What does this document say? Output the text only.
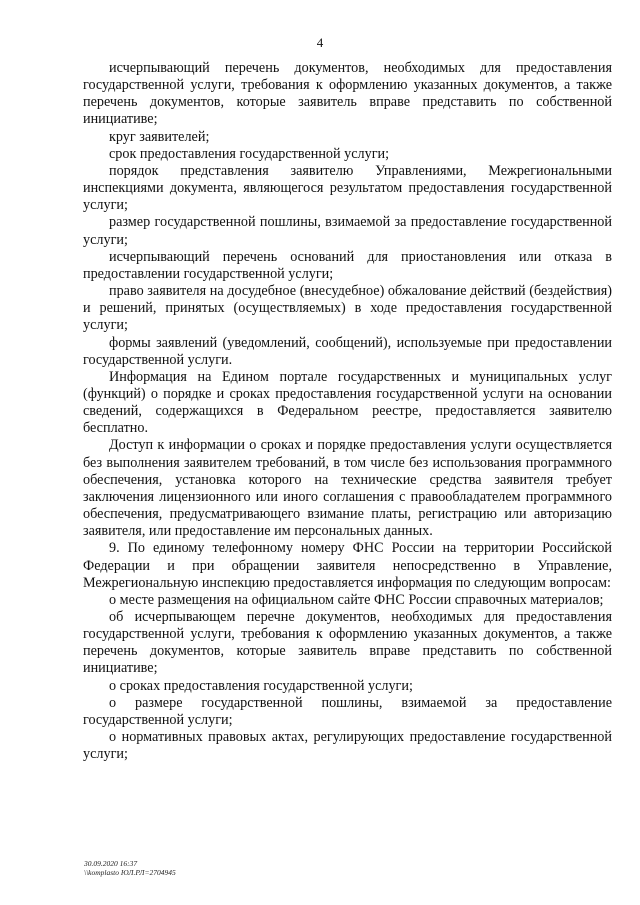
4

исчерпывающий перечень документов, необходимых для предоставления государственной услуги, требования к оформлению указанных документов, а также перечень документов, которые заявитель вправе представить по собственной инициативе;

круг заявителей;

срок предоставления государственной услуги;

порядок представления заявителю Управлениями, Межрегиональными инспекциями документа, являющегося результатом предоставления государственной услуги;

размер государственной пошлины, взимаемой за предоставление государственной услуги;

исчерпывающий перечень оснований для приостановления или отказа в предоставлении государственной услуги;

право заявителя на досудебное (внесудебное) обжалование действий (бездействия) и решений, принятых (осуществляемых) в ходе предоставления государственной услуги;

формы заявлений (уведомлений, сообщений), используемые при предоставлении государственной услуги.

Информация на Едином портале государственных и муниципальных услуг (функций) о порядке и сроках предоставления государственной услуги на основании сведений, содержащихся в Федеральном реестре, предоставляется заявителю бесплатно.

Доступ к информации о сроках и порядке предоставления услуги осуществляется без выполнения заявителем требований, в том числе без использования программного обеспечения, установка которого на технические средства заявителя требует заключения лицензионного или иного соглашения с правообладателем программного обеспечения, предусматривающего взимание платы, регистрацию или авторизацию заявителя, или предоставление им персональных данных.

9. По единому телефонному номеру ФНС России на территории Российской Федерации и при обращении заявителя непосредственно в Управление, Межрегиональную инспекцию предоставляется информация по следующим вопросам:

о месте размещения на официальном сайте ФНС России справочных материалов;

об исчерпывающем перечне документов, необходимых для предоставления государственной услуги, требования к оформлению указанных документов, а также перечень документов, которые заявитель вправе представить по собственной инициативе;

о сроках предоставления государственной услуги;

о размере государственной пошлины, взимаемой за предоставление государственной услуги;

о нормативных правовых актах, регулирующих предоставление государственной услуги;

30.09.2020 16:37
\\komplasto ЮЛ.РЛ=2704945
